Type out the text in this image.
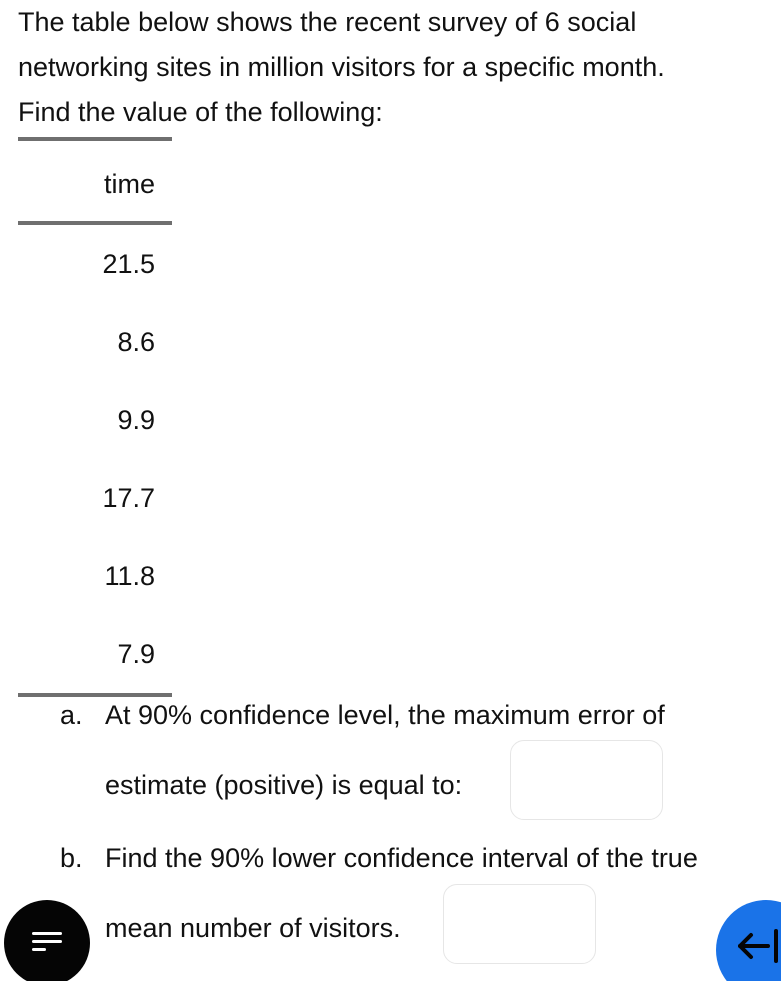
The table below shows the recent survey of 6 social

networking sites in million visitors for a specific month.

Find the value of the following:

time
21.5
8.6
9.9
17.7
11.8
7.9
a. At 90% confidence level, the maximum error of
estimate (positive) is equal to:
b. Find the 90% lower confidence interval of the true
mean number of visitors.
